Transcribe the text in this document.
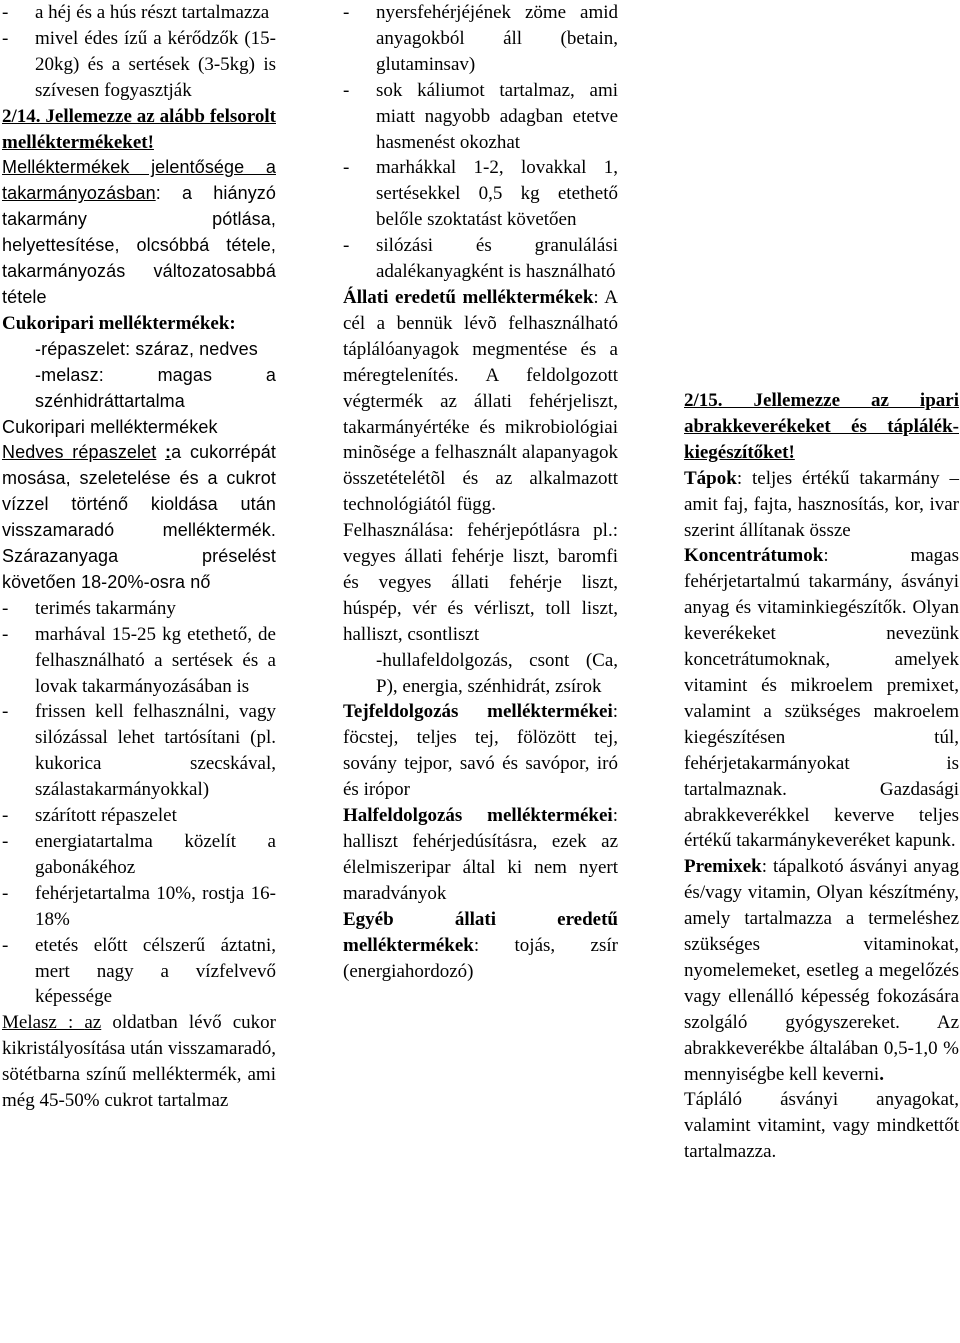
- a héj és a hús részt tartalmazza

- mivel édes ízű a kérődzők (15-20kg) és a sertések (3-5kg) is szívesen fogyasztják

2/14. Jellemezze az alább felsorolt melléktermékeket!

Melléktermékek jelentősége a takarmányozásban: a hiányzó takarmány pótlása, helyettesítése, olcsóbbá tétele, takarmányozás változatosabbá tétele

Cukoripari melléktermékek:

-répaszelet: száraz, nedves

-melasz: magas a szénhidráttartalma

Cukoripari melléktermékek

Nedves répaszelet :a cukorrépát mosása, szeletelése és a cukrot vízzel történő kioldása után visszamaradó melléktermék. Szárazanyaga préselést követően 18-20%-osra nő

- terimés takarmány

- marhával 15-25 kg etethető, de felhasználható a sertések és a lovak takarmányozásában is

- frissen kell felhasználni, vagy silózással lehet tartósítani (pl. kukorica szecskával, szálastakarmányokkal)

- szárított répaszelet

- energiatartalma közelít a gabonákéhoz

- fehérjetartalma 10%, rostja 16-18%

- etetés előtt célszerű áztatni, mert nagy a vízfelvevő képessége

Melasz : az oldatban lévő cukor kikristályosítása után visszamaradó, sötétbarna színű melléktermék, ami még 45-50% cukrot tartalmaz

- nyersfehérjéjének zöme amid anyagokból áll (betain, glutaminsav)

- sok káliumot tartalmaz, ami miatt nagyobb adagban etetve hasmenést okozhat

- marhákkal 1-2, lovakkal 1, sertésekkel 0,5 kg etethető belőle szoktatást követően

- silózási és granulálási adalékanyagként is használható

Állati eredetű melléktermékek: A cél a bennük lévõ felhasználható táplálóanyagok megmentése és a méregtelenítés. A feldolgozott végtermék az állati fehérjeliszt, takarmányértéke és mikrobiológiai minõsége a felhasznált alapanyagok összetételétõl és az alkalmazott technológiától függ.

Felhasználása: fehérjepótlásra pl.: vegyes állati fehérje liszt, baromfi és vegyes állati fehérje liszt, húspép, vér és vérliszt, toll liszt, halliszt, csontliszt

-hullafeldolgozás, csont (Ca, P), energia, szénhidrát, zsírok

Tejfeldolgozás melléktermékei: föcstej, teljes tej, fölözött tej, sovány tejpor, savó és savópor, iró és irópor

Halfeldolgozás melléktermékei: halliszt fehérjedúsításra, ezek az élelmiszeripar által ki nem nyert maradványok

Egyéb állati eredetű melléktermékek: tojás, zsír (energiahordozó)

2/15. Jellemezze az ipari abrakkeverékeket és táplálék-kiegészítőket!

Tápok: teljes értékű takarmány – amit faj, fajta, hasznosítás, kor, ivar szerint állítanak össze

Koncentrátumok: magas fehérjetartalmú takarmány, ásványi anyag és vitaminkiegészítők. Olyan keverékeket nevezünk koncetrátumoknak, amelyek vitamint és mikroelem premixet, valamint a szükséges makroelem kiegészítésen túl, fehérjetakarmányokat is tartalmaznak. Gazdasági abrakkeverékkel keverve teljes értékű takarmánykeveréket kapunk.

Premixek: tápalkotó ásványi anyag és/vagy vitamin, Olyan készítmény, amely tartalmazza a termeléshez szükséges vitaminokat, nyomelemeket, esetleg a megelőzés vagy ellenálló képesség fokozására szolgáló gyógyszereket. Az abrakkeverékbe általában 0,5-1,0 % mennyiségbe kell keverni.

Tápláló ásványi anyagokat, valamint vitamint, vagy mindkettőt tartalmazza.
